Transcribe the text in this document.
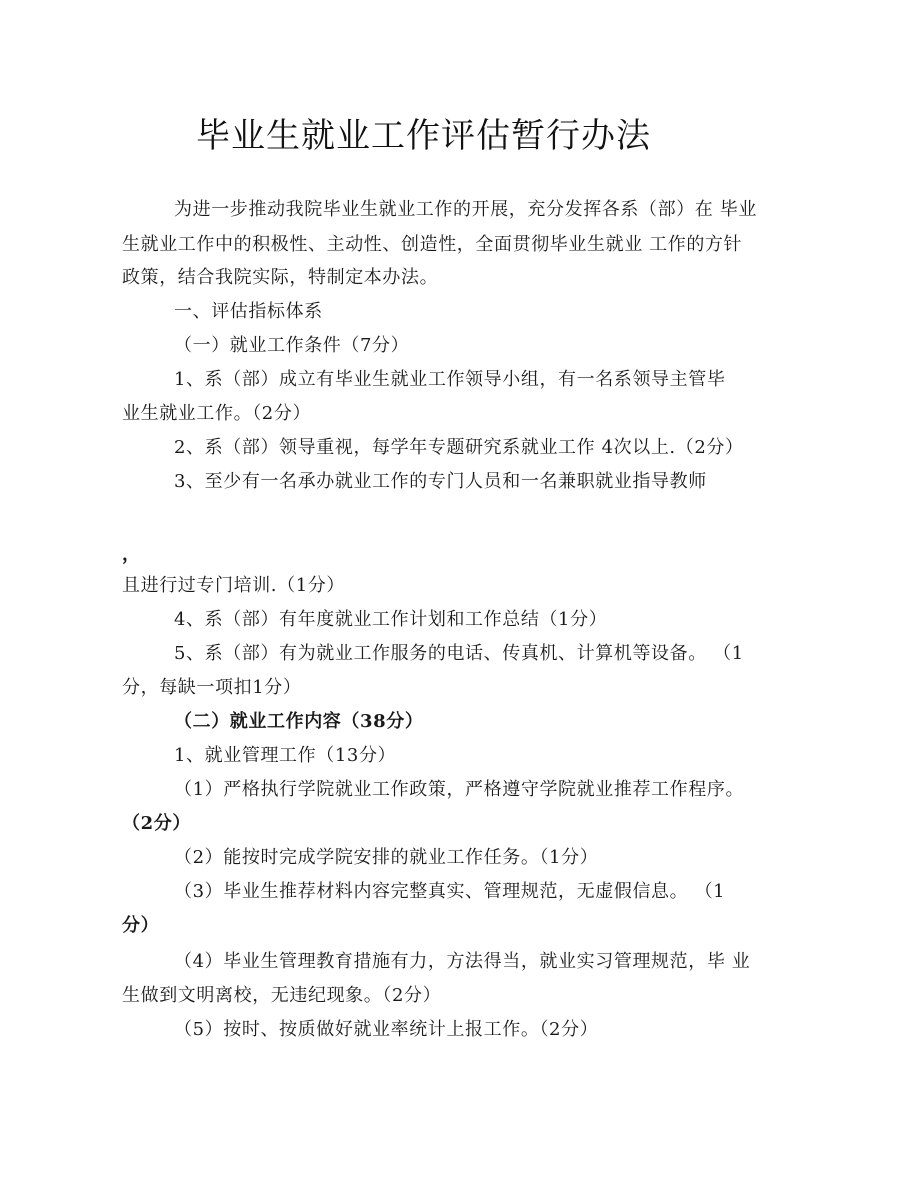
毕业生就业工作评估暂行办法
为进一步推动我院毕业生就业工作的开展，充分发挥各系（部）在 毕业
生就业工作中的积极性、主动性、创造性，全面贯彻毕业生就业 工作的方针
政策，结合我院实际，特制定本办法。
一、评估指标体系
（一）就业工作条件（7分）
1、系（部）成立有毕业生就业工作领导小组，有一名系领导主管毕
业生就业工作。（2分）
2、系（部）领导重视，每学年专题研究系就业工作 4次以上.（2分）
3、至少有一名承办就业工作的专门人员和一名兼职就业指导教师
，
且进行过专门培训.（1分）
4、系（部）有年度就业工作计划和工作总结（1分）
5、系（部）有为就业工作服务的电话、传真机、计算机等设备。 （1
分，每缺一项扣1分）
（二）就业工作内容（38分）
1、就业管理工作（13分）
（1）严格执行学院就业工作政策，严格遵守学院就业推荐工作程序。
（2分）
（2）能按时完成学院安排的就业工作任务。（1分）
（3）毕业生推荐材料内容完整真实、管理规范，无虚假信息。 （1
分）
（4）毕业生管理教育措施有力，方法得当，就业实习管理规范，毕 业
生做到文明离校，无违纪现象。（2分）
（5）按时、按质做好就业率统计上报工作。（2分）
